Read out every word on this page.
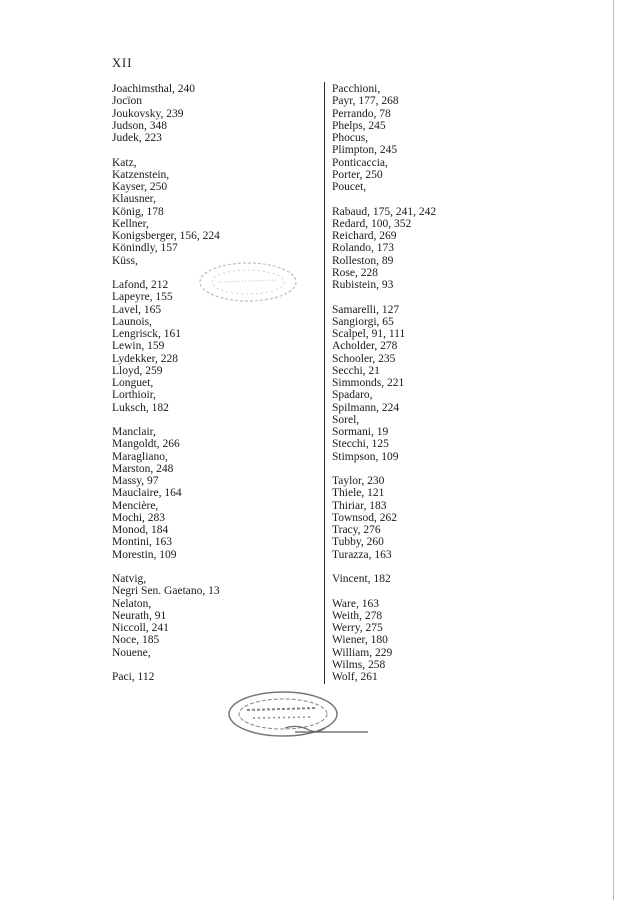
XII
Joachimsthal, 240
Jocïon
Joukovsky, 239
Judson, 348
Judek, 223
Katz,
Katzenstein,
Kayser, 250
Klausner,
König, 178
Kellner,
Konigsberger, 156, 224
Könindly, 157
Küss,
Lafond, 212
Lapeyre, 155
Lavel, 165
Launois,
Lengrisck, 161
Lewin, 159
Lydekker, 228
Lloyd, 259
Longuet,
Lorthioir,
Luksch, 182
Manclair,
Mangoldt, 266
Maragliano,
Marston, 248
Massy, 97
Mauclaire, 164
Mencière,
Mochi, 283
Monod, 184
Montini, 163
Morestin, 109
Natvig,
Negri Sen. Gaetano, 13
Nelaton,
Neurath, 91
Niccoll, 241
Noce, 185
Nouene,
Paci, 112
Pacchioni,
Payr, 177, 268
Perrando, 78
Phelps, 245
Phocus,
Plimpton, 245
Ponticaccia,
Porter, 250
Poucet,
Rabaud, 175, 241, 242
Redard, 100, 352
Reichard, 269
Rolando, 173
Rolleston, 89
Rose, 228
Rubistein, 93
Samarelli, 127
Sangiorgi, 65
Scalpel, 91, 111
Acholder, 278
Schooler, 235
Secchi, 21
Simmonds, 221
Spadaro,
Spilmann, 224
Sorel,
Sormani, 19
Stecchi, 125
Stimpson, 109
Taylor, 230
Thiele, 121
Thiriar, 183
Townsod, 262
Tracy, 276
Tubby, 260
Turazza, 163
Vincent, 182
Ware, 163
Weith, 278
Werry, 275
Wiener, 180
William, 229
Wilms, 258
Wolf, 261
